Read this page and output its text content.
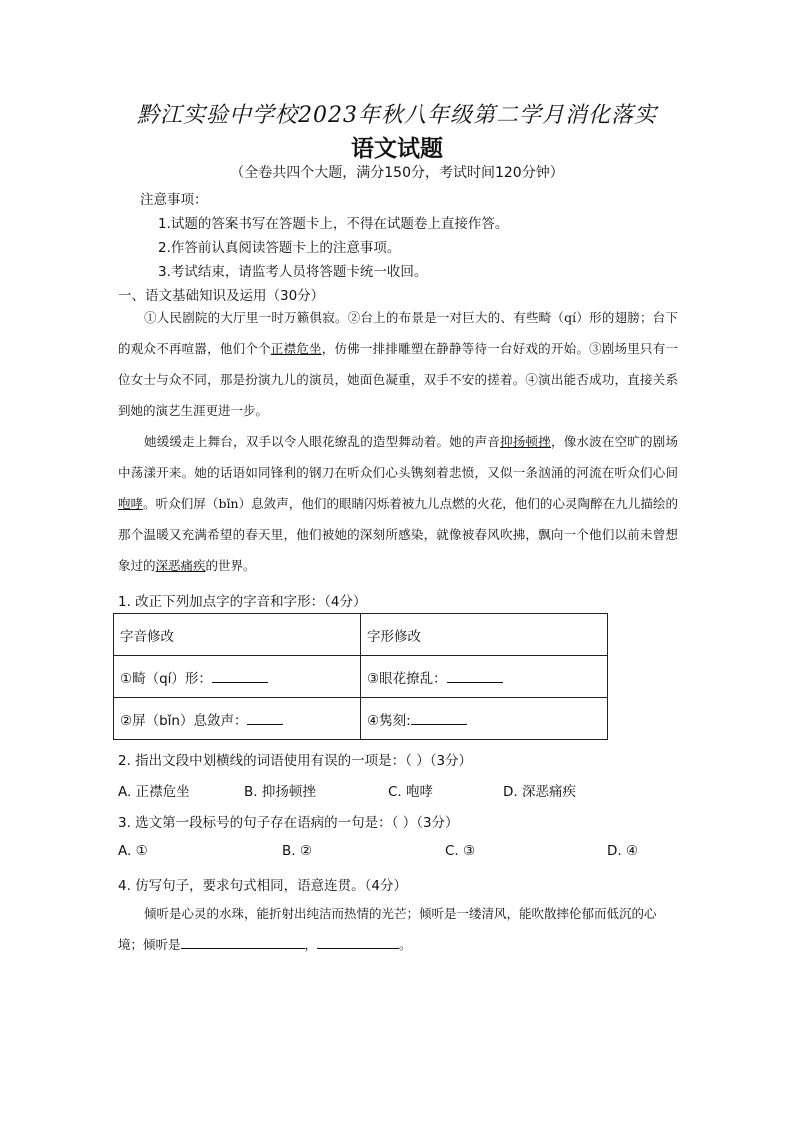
黔江实验中学校2023年秋八年级第二学月消化落实
语文试题
（全卷共四个大题，满分150分，考试时间120分钟）
注意事项：
1.试题的答案书写在答题卡上，不得在试题卷上直接作答。
2.作答前认真阅读答题卡上的注意事项。
3.考试结束，请监考人员将答题卡统一收回。
一、语文基础知识及运用（30分）

①人民剧院的大厅里一时万籁俱寂。②台上的布景是一对巨大的、有些畸（qí）形的翅膀；台下的观众不再喧嚣，他们个个正襟危坐，仿佛一排排雕塑在静静等待一台好戏的开始。③剧场里只有一位女士与众不同，那是扮演九儿的演员，她面色凝重，双手不安的搓着。④演出能否成功，直接关系到她的演艺生涯更进一步。

她缓缓走上舞台，双手以令人眼花缭乱的造型舞动着。她的声音抑扬顿挫，像水波在空旷的剧场中荡漾开来。她的话语如同锋利的钢刀在听众们心头镌刻着悲愤，又似一条汹涌的河流在听众们心间咆哮。听众们屏（bǐn）息敛声，他们的眼睛闪烁着被九儿点燃的火花，他们的心灵陶醉在九儿描绘的那个温暖又充满希望的春天里，他们被她的深刻所感染，就像被春风吹拂，飘向一个他们以前未曾想象过的深恶痛疾的世界。

1. 改正下列加点字的字音和字形：（4分）
字音修改	字形修改
①畸（qí）形：	③眼花撩乱：
②屏（bǐn）息敛声：	④隽刻:
2. 指出文段中划横线的词语使用有误的一项是：（ ）（3分）
A. 正襟危坐	B. 抑扬顿挫	C. 咆哮	D. 深恶痛疾
3. 选文第一段标号的句子存在语病的一句是：（ ）（3分）
A. ①	B. ②	C. ③	D. ④
4. 仿写句子，要求句式相同，语意连贯。（4分）

倾听是心灵的水珠，能折射出纯洁而热情的光芒；倾听是一缕清风，能吹散摔伦郁而低沉的心境；倾听是	，	。
